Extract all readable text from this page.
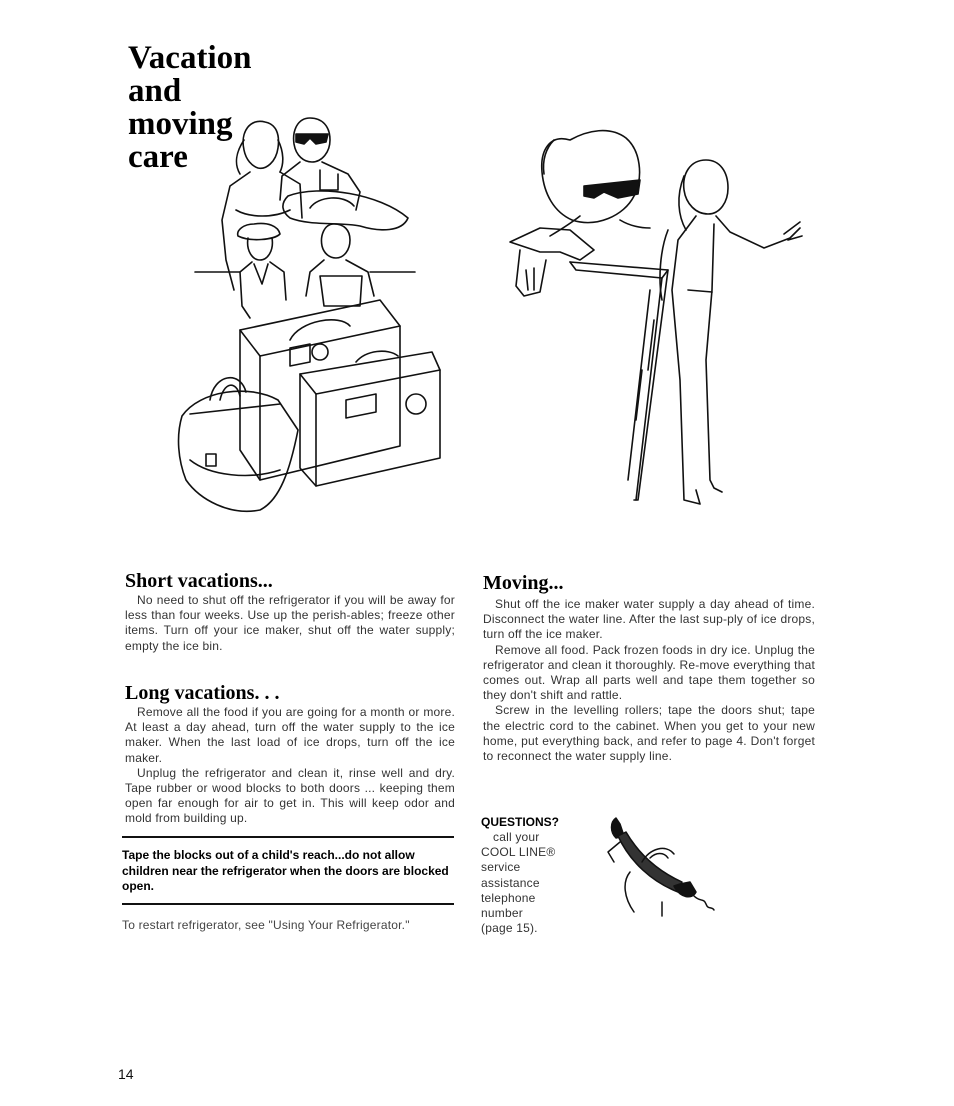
Vacation
and
moving
care
Short vacations...

No need to shut off the refrigerator if you will be away for less than four weeks. Use up the perish-ables; freeze other items. Turn off your ice maker, shut off the water supply; empty the ice bin.

Long vacations. . .

Remove all the food if you are going for a month or more. At least a day ahead, turn off the water supply to the ice maker. When the last load of ice drops, turn off the ice maker.

Unplug the refrigerator and clean it, rinse well and dry. Tape rubber or wood blocks to both doors ... keeping them open far enough for air to get in. This will keep odor and mold from building up.

Tape the blocks out of a child's reach...do not allow children near the refrigerator when the doors are blocked open.
To restart refrigerator, see "Using Your Refrigerator."
Moving...

Shut off the ice maker water supply a day ahead of time. Disconnect the water line. After the last sup-ply of ice drops, turn off the ice maker.

Remove all food. Pack frozen foods in dry ice. Unplug the refrigerator and clean it thoroughly. Re-move everything that comes out. Wrap all parts well and tape them together so they don't shift and rattle.

Screw in the levelling rollers; tape the doors shut; tape the electric cord to the cabinet. When you get to your new home, put everything back, and refer to page 4. Don't forget to reconnect the water supply line.

QUESTIONS?
call your
COOL LINE®
service
assistance
telephone
number
(page 15).
14
